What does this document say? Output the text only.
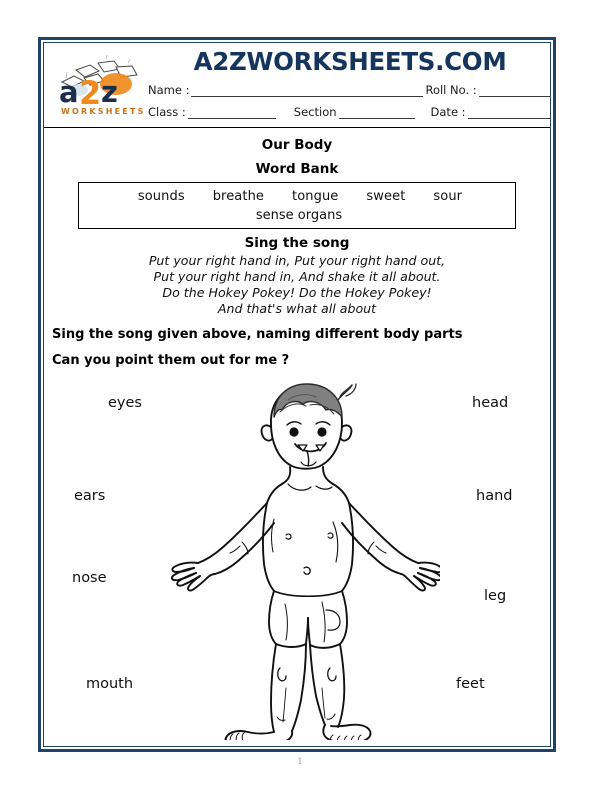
a 2 z
WORKSHEETS
A2ZWORKSHEETS.COM
Name :	Roll No. :
Class :	Section	Date :
Our Body
Word Bank
sounds breathe tongue sweet sour
sense organs
Sing the song
Put your right hand in, Put your right hand out,
Put your right hand in, And shake it all about.
Do the Hokey Pokey! Do the Hokey Pokey!
And that's what all about
Sing the song given above, naming different body parts
Can you point them out for me ?
eyes
ears
nose
mouth
head
hand
leg
feet
1
